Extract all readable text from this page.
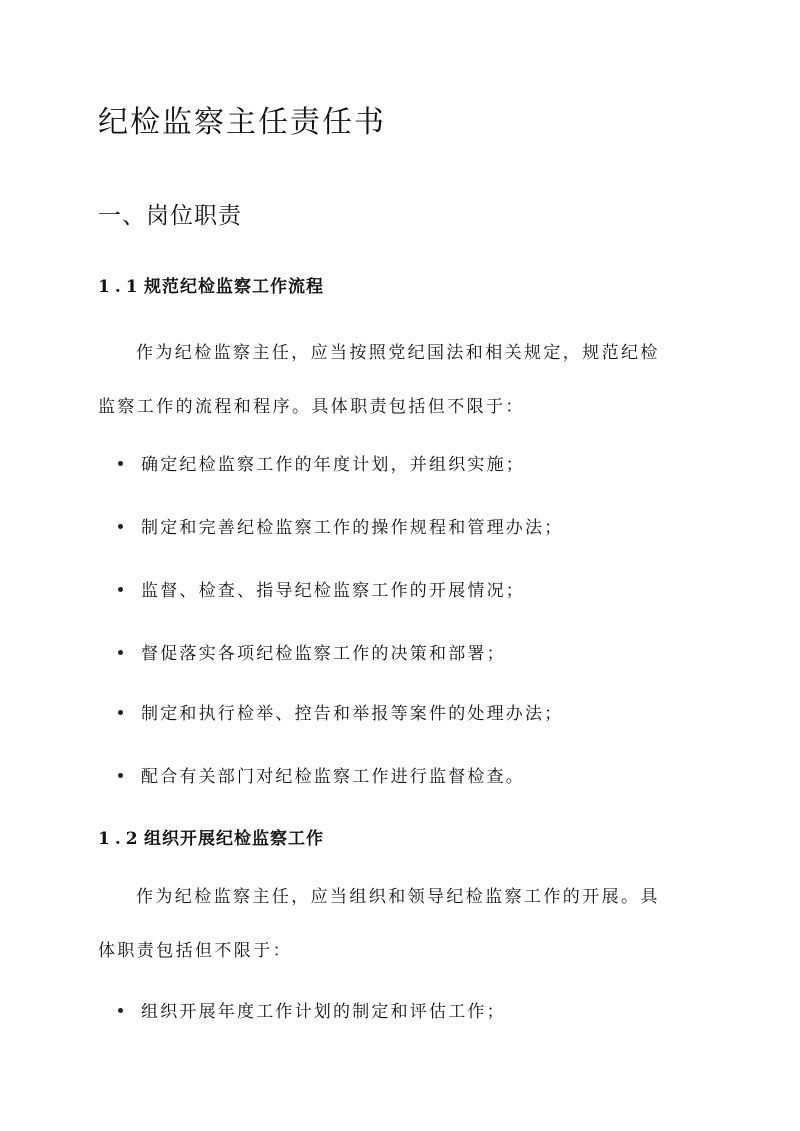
纪检监察主任责任书
一、岗位职责
1.1规范纪检监察工作流程
作为纪检监察主任，应当按照党纪国法和相关规定，规范纪检
监察工作的流程和程序。具体职责包括但不限于：
确定纪检监察工作的年度计划，并组织实施；
制定和完善纪检监察工作的操作规程和管理办法；
监督、检查、指导纪检监察工作的开展情况；
督促落实各项纪检监察工作的决策和部署；
制定和执行检举、控告和举报等案件的处理办法；
配合有关部门对纪检监察工作进行监督检查。
1.2组织开展纪检监察工作
作为纪检监察主任，应当组织和领导纪检监察工作的开展。具
体职责包括但不限于：
组织开展年度工作计划的制定和评估工作；
